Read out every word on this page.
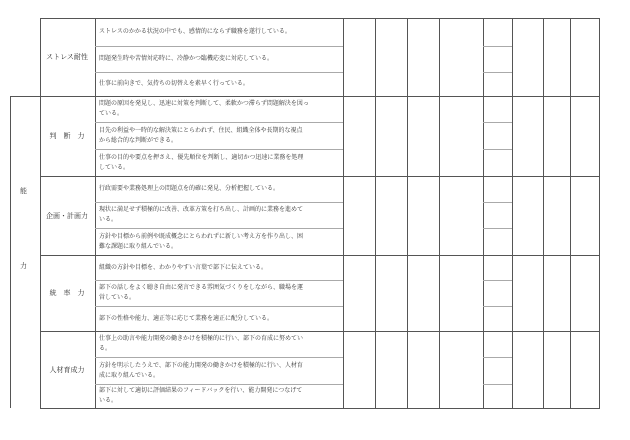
能
力
ストレス耐性
ストレスのかかる状況の中でも、感情的にならず職務を遂行している。
問題発生時や苦情対応時に、冷静かつ臨機応変に対応している。
仕事に前向きで、気持ちの切替えを素早く行っている。
判　断　力
問題の原因を発見し、迅速に対策を判断して、柔軟かつ滞らず問題解決を図っ
ている。
目先の利益や一時的な解決策にとらわれず、住民、組織全体や長期的な視点
から総合的な判断ができる。
仕事の目的や要点を押さえ、優先順位を判断し、適切かつ迅速に業務を処理
している。
企画・計画力
行政需要や業務処理上の問題点を的確に発見、分析把握している。
現状に満足せず積極的に改善、改革方策を打ち出し、計画的に業務を進めて
いる。
方針や目標から前例や既成概念にとらわれずに新しい考え方を作り出し、困
難な課題に取り組んでいる。
統　率　力
組織の方針や目標を、わかりやすい言葉で部下に伝えている。
部下の話しをよく聴き自由に発言できる雰囲気づくりをしながら、職場を運
営している。
部下の性格や能力、適正等に応じて業務を適正に配分している。
人材育成力
仕事上の助言や能力開発の働きかけを積極的に行い、部下の育成に努めてい
る。
方針を明示したうえで、部下の能力開発の働きかけを積極的に行い、人材育
成に取り組んでいる。
部下に対して適切に評価結果のフィードバックを行い、能力開発につなげて
いる。
